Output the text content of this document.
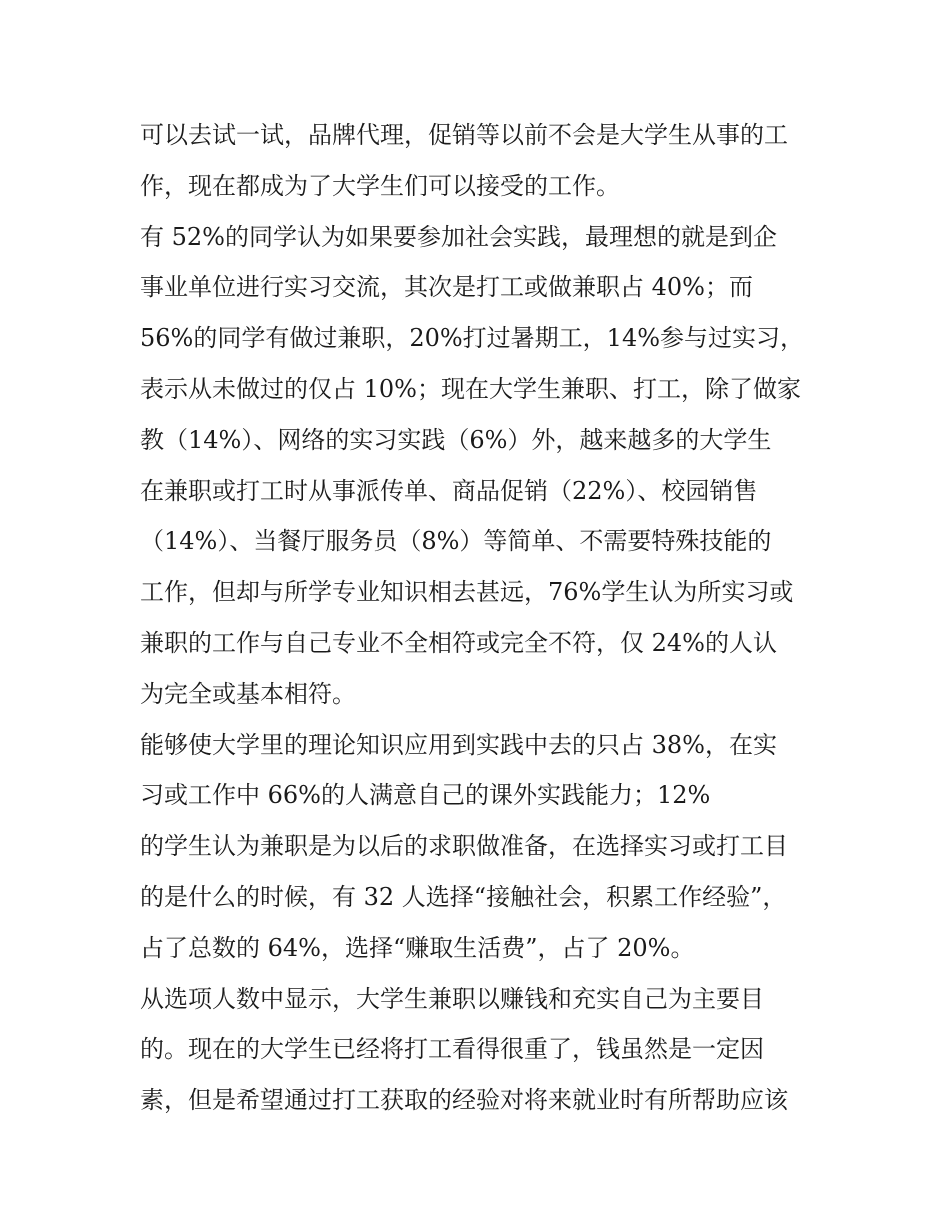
可以去试一试，品牌代理，促销等以前不会是大学生从事的工
作，现在都成为了大学生们可以接受的工作。
有 52%的同学认为如果要参加社会实践，最理想的就是到企
事业单位进行实习交流，其次是打工或做兼职占 40%；而
56%的同学有做过兼职，20%打过暑期工，14%参与过实习，
表示从未做过的仅占 10%；现在大学生兼职、打工，除了做家
教（14%）、网络的实习实践（6%）外，越来越多的大学生
在兼职或打工时从事派传单、商品促销（22%）、校园销售
（14%）、当餐厅服务员（8%）等简单、不需要特殊技能的
工作，但却与所学专业知识相去甚远，76%学生认为所实习或
兼职的工作与自己专业不全相符或完全不符，仅 24%的人认
为完全或基本相符。
能够使大学里的理论知识应用到实践中去的只占 38%，在实
习或工作中 66%的人满意自己的课外实践能力；12%
的学生认为兼职是为以后的求职做准备，在选择实习或打工目
的是什么的时候，有 32 人选择“接触社会，积累工作经验”，
占了总数的 64%，选择“赚取生活费”，占了 20%。
从选项人数中显示，大学生兼职以赚钱和充实自己为主要目
的。现在的大学生已经将打工看得很重了，钱虽然是一定因
素，但是希望通过打工获取的经验对将来就业时有所帮助应该
